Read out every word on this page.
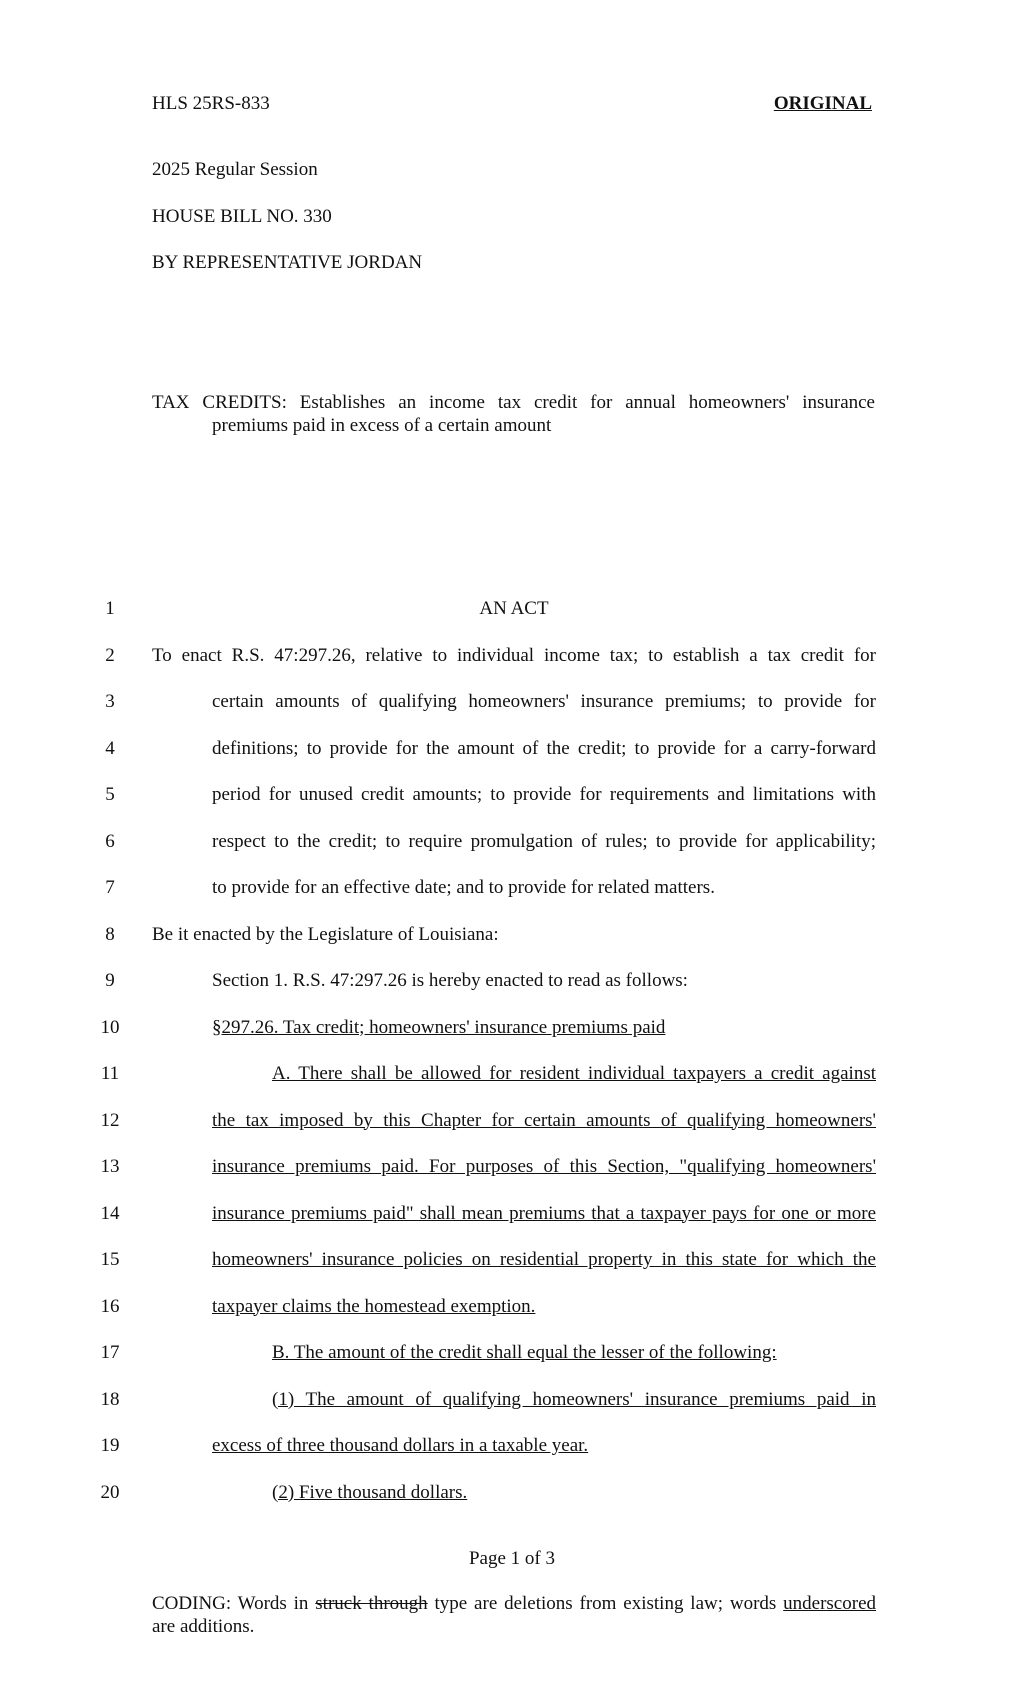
HLS 25RS-833	ORIGINAL
2025 Regular Session
HOUSE BILL NO. 330
BY REPRESENTATIVE JORDAN
TAX CREDITS: Establishes an income tax credit for annual homeowners' insurance
premiums paid in excess of a certain amount
1	AN ACT
2	To enact R.S. 47:297.26, relative to individual income tax; to establish a tax credit for
3	certain amounts of qualifying homeowners' insurance premiums; to provide for
4	definitions; to provide for the amount of the credit; to provide for a carry-forward
5	period for unused credit amounts; to provide for requirements and limitations with
6	respect to the credit; to require promulgation of rules; to provide for applicability;
7	to provide for an effective date; and to provide for related matters.
8	Be it enacted by the Legislature of Louisiana:
9	Section 1. R.S. 47:297.26 is hereby enacted to read as follows:
10	§297.26. Tax credit; homeowners' insurance premiums paid
11	A. There shall be allowed for resident individual taxpayers a credit against
12	the tax imposed by this Chapter for certain amounts of qualifying homeowners'
13	insurance premiums paid. For purposes of this Section, "qualifying homeowners'
14	insurance premiums paid" shall mean premiums that a taxpayer pays for one or more
15	homeowners' insurance policies on residential property in this state for which the
16	taxpayer claims the homestead exemption.
17	B. The amount of the credit shall equal the lesser of the following:
18	(1) The amount of qualifying homeowners' insurance premiums paid in
19	excess of three thousand dollars in a taxable year.
20	(2) Five thousand dollars.
Page 1 of 3
CODING: Words in struck through type are deletions from existing law; words underscored
are additions.
